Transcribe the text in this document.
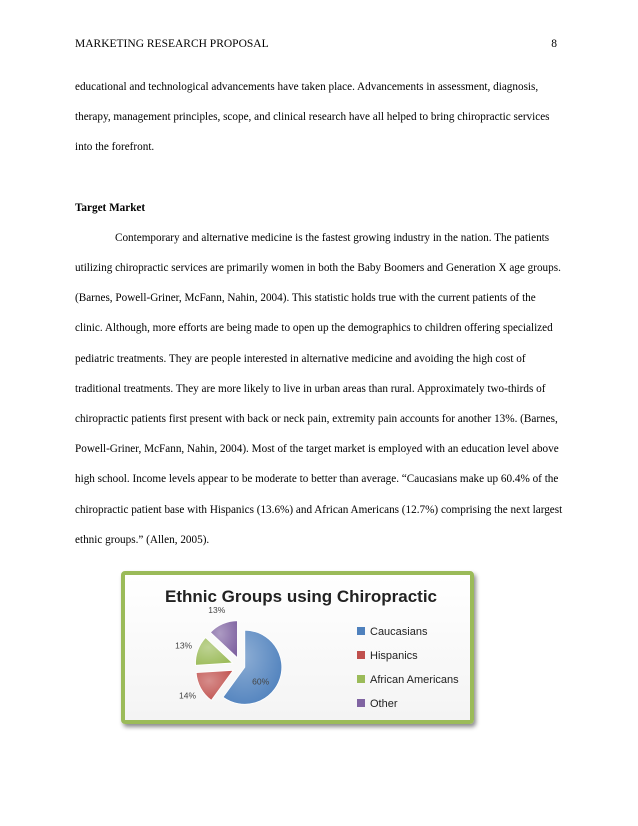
MARKETING RESEARCH PROPOSAL	8

educational and technological advancements have taken place. Advancements in assessment, diagnosis, therapy, management principles, scope, and clinical research have all helped to bring chiropractic services into the forefront.

Target Market

Contemporary and alternative medicine is the fastest growing industry in the nation. The patients utilizing chiropractic services are primarily women in both the Baby Boomers and Generation X age groups. (Barnes, Powell-Griner, McFann, Nahin, 2004). This statistic holds true with the current patients of the clinic. Although, more efforts are being made to open up the demographics to children offering specialized pediatric treatments. They are people interested in alternative medicine and avoiding the high cost of traditional treatments. They are more likely to live in urban areas than rural. Approximately two-thirds of chiropractic patients first present with back or neck pain, extremity pain accounts for another 13%. (Barnes, Powell-Griner, McFann, Nahin, 2004). Most of the target market is employed with an education level above high school. Income levels appear to be moderate to better than average. “Caucasians make up 60.4% of the chiropractic patient base with Hispanics (13.6%) and African Americans (12.7%) comprising the next largest ethnic groups.” (Allen, 2005).

Ethnic Groups using Chiropractic
60%
14%
13%
13%
Caucasians
Hispanics
African Americans
Other
